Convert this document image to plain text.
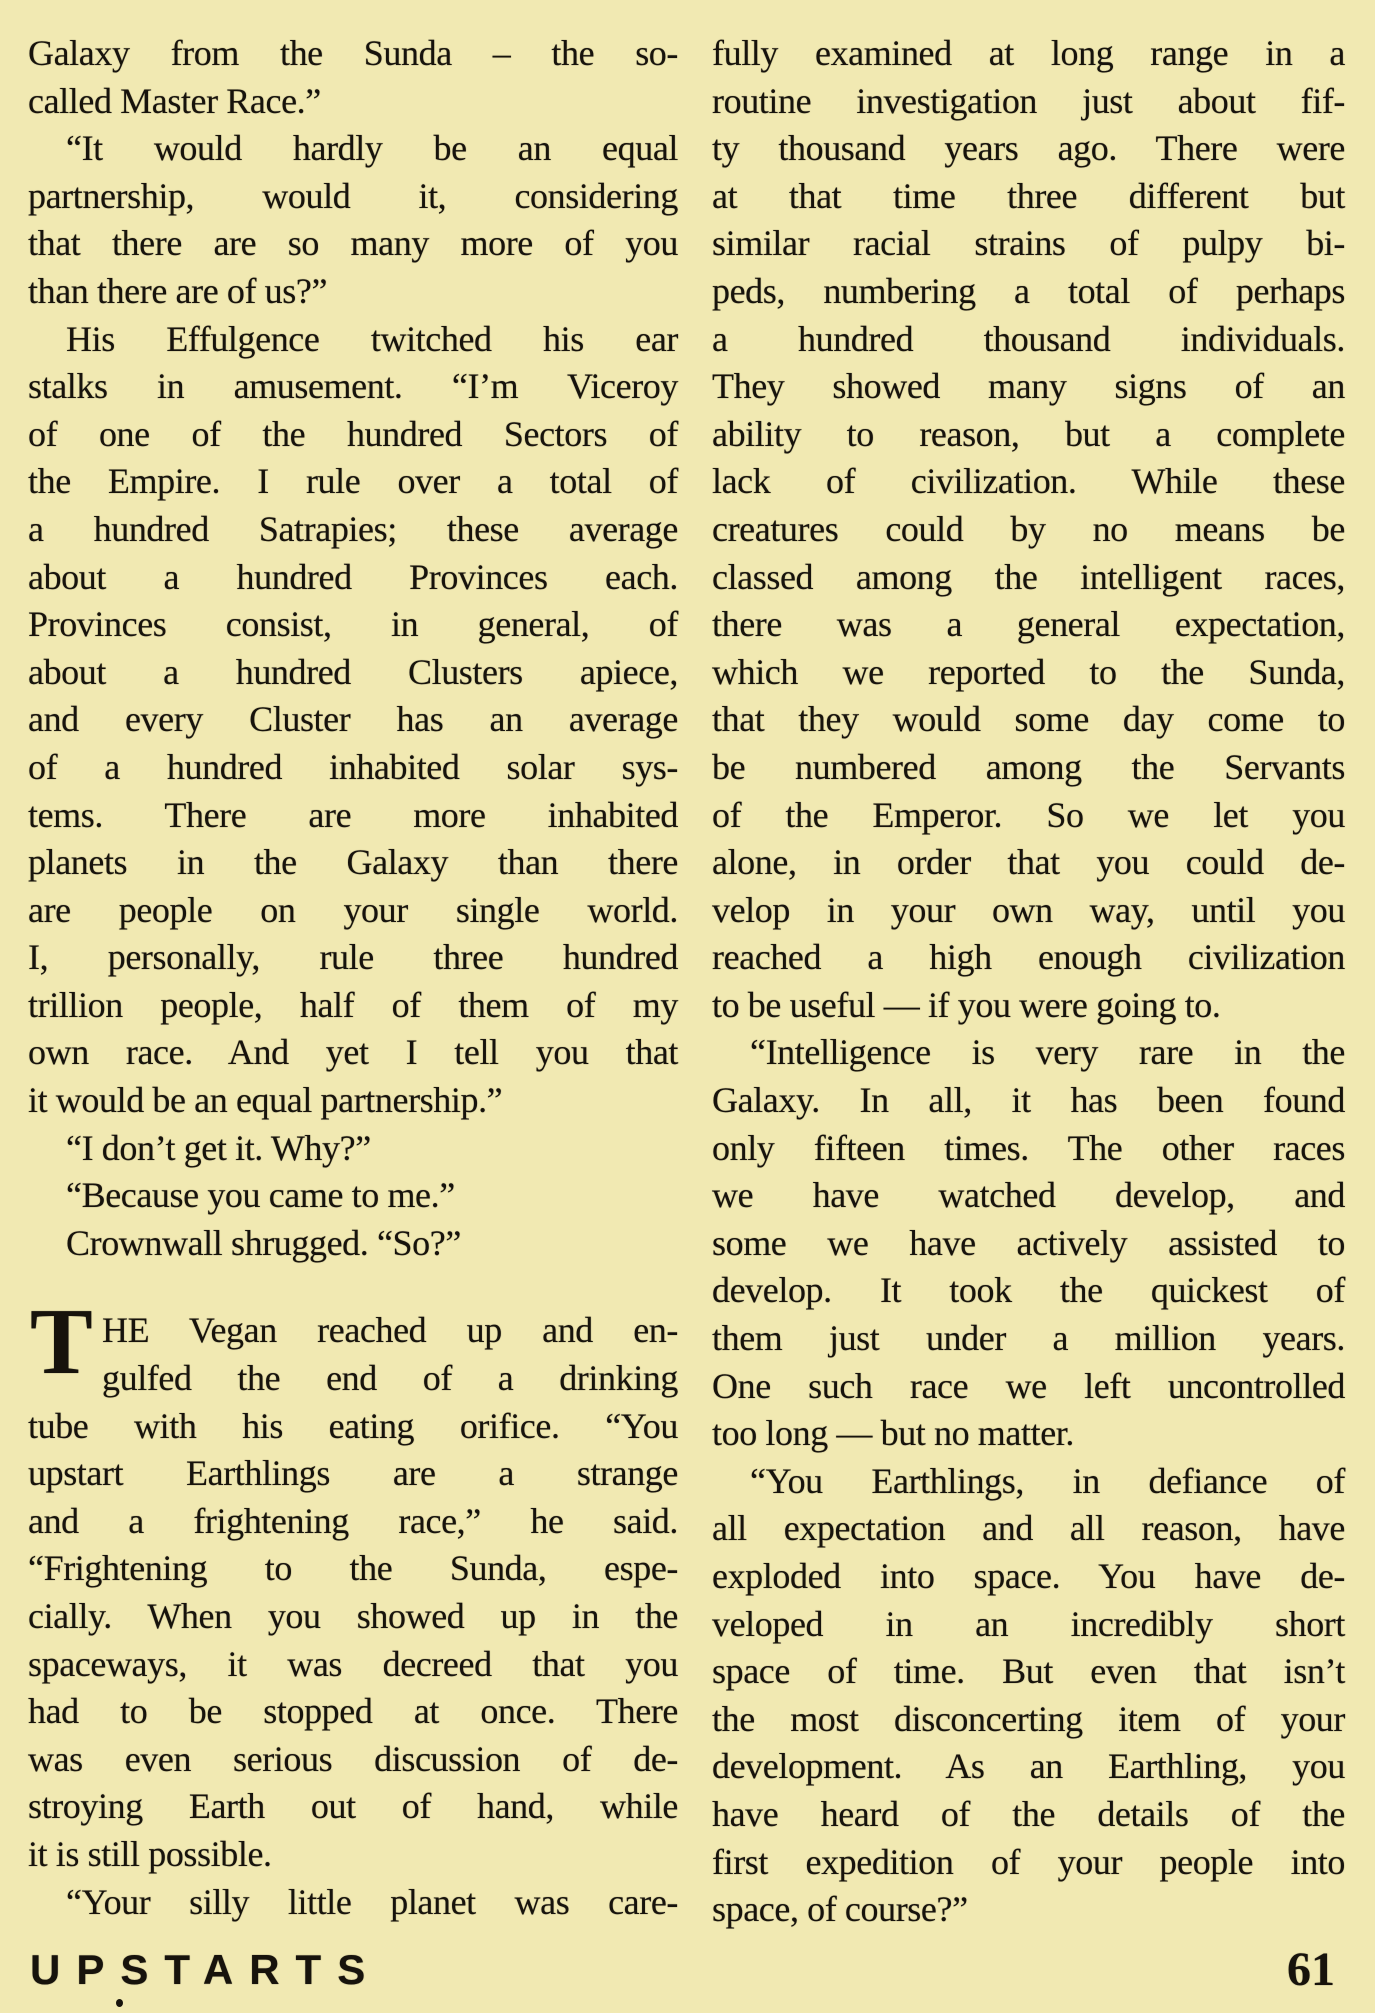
Galaxy from the Sunda – the so-
called Master Race.”
“It would hardly be an equal
partnership, would it, considering
that there are so many more of you
than there are of us?”
His Effulgence twitched his ear
stalks in amusement. “I’m Viceroy
of one of the hundred Sectors of
the Empire. I rule over a total of
a hundred Satrapies; these average
about a hundred Provinces each.
Provinces consist, in general, of
about a hundred Clusters apiece,
and every Cluster has an average
of a hundred inhabited solar sys-
tems. There are more inhabited
planets in the Galaxy than there
are people on your single world.
I, personally, rule three hundred
trillion people, half of them of my
own race. And yet I tell you that
it would be an equal partnership.”
“I don’t get it. Why?”
“Because you came to me.”
Crownwall shrugged. “So?”
T HE Vegan reached up and en-
gulfed the end of a drinking
tube with his eating orifice. “You
upstart Earthlings are a strange
and a frightening race,” he said.
“Frightening to the Sunda, espe-
cially. When you showed up in the
spaceways, it was decreed that you
had to be stopped at once. There
was even serious discussion of de-
stroying Earth out of hand, while
it is still possible.
“Your silly little planet was care-
fully examined at long range in a
routine investigation just about fif-
ty thousand years ago. There were
at that time three different but
similar racial strains of pulpy bi-
peds, numbering a total of perhaps
a hundred thousand individuals.
They showed many signs of an
ability to reason, but a complete
lack of civilization. While these
creatures could by no means be
classed among the intelligent races,
there was a general expectation,
which we reported to the Sunda,
that they would some day come to
be numbered among the Servants
of the Emperor. So we let you
alone, in order that you could de-
velop in your own way, until you
reached a high enough civilization
to be useful — if you were going to.
“Intelligence is very rare in the
Galaxy. In all, it has been found
only fifteen times. The other races
we have watched develop, and
some we have actively assisted to
develop. It took the quickest of
them just under a million years.
One such race we left uncontrolled
too long — but no matter.
“You Earthlings, in defiance of
all expectation and all reason, have
exploded into space. You have de-
veloped in an incredibly short
space of time. But even that isn’t
the most disconcerting item of your
development. As an Earthling, you
have heard of the details of the
first expedition of your people into
space, of course?”
UPSTARTS	61
